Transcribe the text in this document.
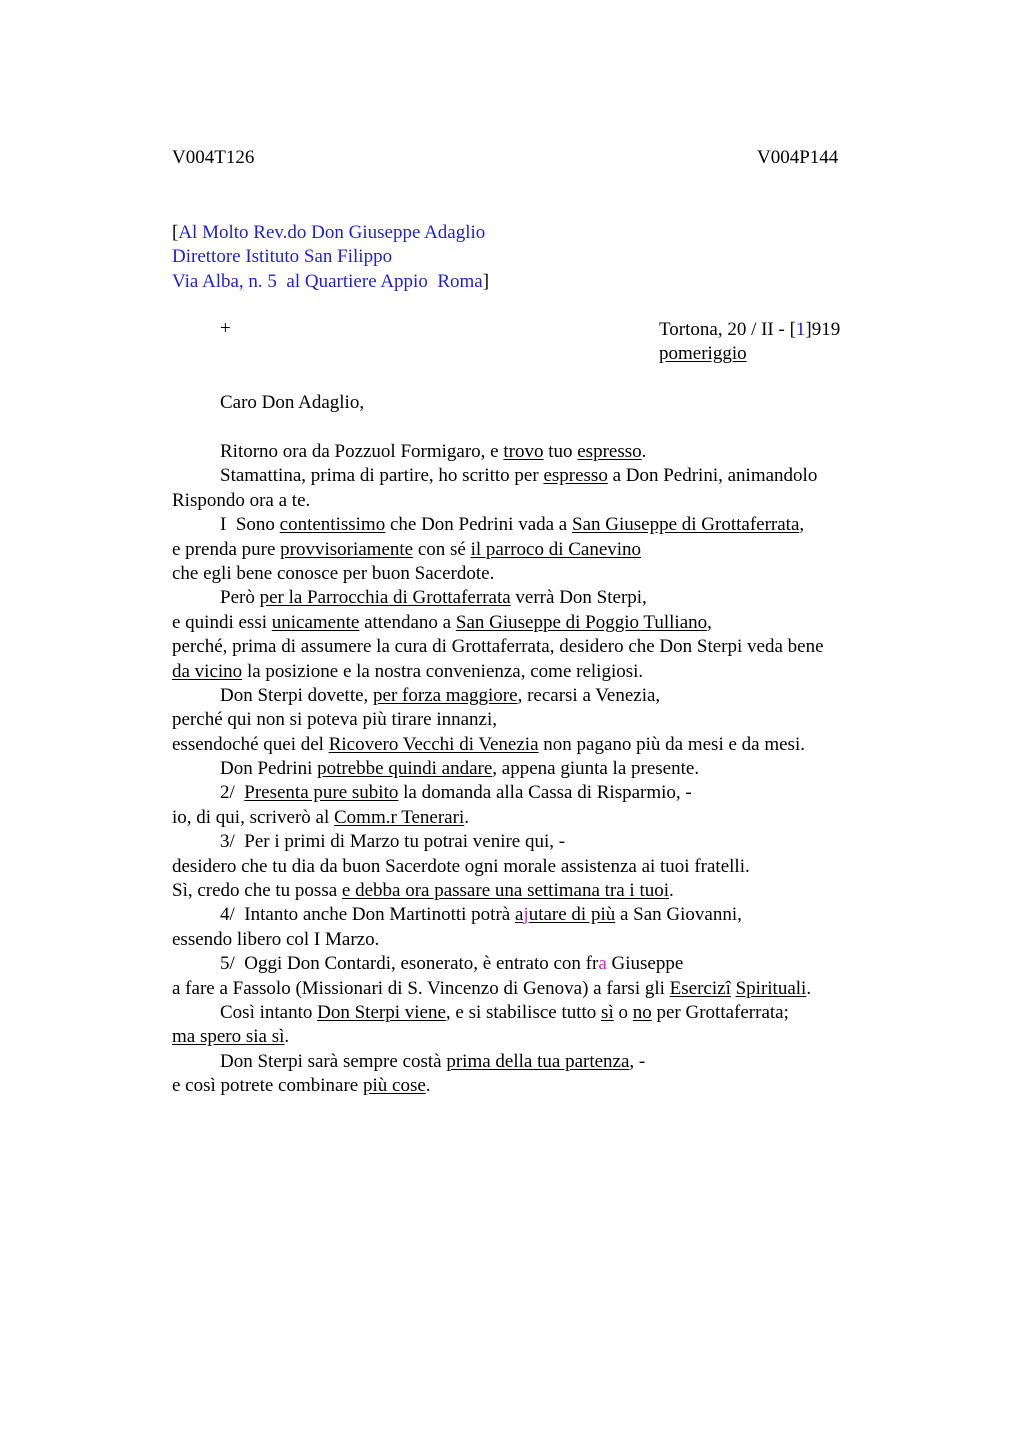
V004T126	V004P144
[Al Molto Rev.do Don Giuseppe Adaglio
Direttore Istituto San Filippo
Via Alba, n. 5  al Quartiere Appio  Roma]
+	Tortona, 20 / II - [1]919
pomeriggio
Caro Don Adaglio,
Ritorno ora da Pozzuol Formigaro, e trovo tuo espresso.
Stamattina, prima di partire, ho scritto per espresso a Don Pedrini, animandolo
Rispondo ora a te.
I  Sono contentissimo che Don Pedrini vada a San Giuseppe di Grottaferrata,
e prenda pure provvisoriamente con sé il parroco di Canevino
che egli bene conosce per buon Sacerdote.
Però per la Parrocchia di Grottaferrata verrà Don Sterpi,
e quindi essi unicamente attendano a San Giuseppe di Poggio Tulliano,
perché, prima di assumere la cura di Grottaferrata, desidero che Don Sterpi veda bene
da vicino la posizione e la nostra convenienza, come religiosi.
Don Sterpi dovette, per forza maggiore, recarsi a Venezia,
perché qui non si poteva più tirare innanzi,
essendoché quei del Ricovero Vecchi di Venezia non pagano più da mesi e da mesi.
Don Pedrini potrebbe quindi andare, appena giunta la presente.
2/  Presenta pure subito la domanda alla Cassa di Risparmio, -
io, di qui, scriverò al Comm.r Tenerari.
3/  Per i primi di Marzo tu potrai venire qui, -
desidero che tu dia da buon Sacerdote ogni morale assistenza ai tuoi fratelli.
Sì, credo che tu possa e debba ora passare una settimana tra i tuoi.
4/  Intanto anche Don Martinotti potrà ajutare di più a San Giovanni,
essendo libero col I Marzo.
5/  Oggi Don Contardi, esonerato, è entrato con fra Giuseppe
a fare a Fassolo (Missionari di S. Vincenzo di Genova) a farsi gli Esercizî Spirituali.
Così intanto Don Sterpi viene, e si stabilisce tutto sì o no per Grottaferrata;
ma spero sia sì.
Don Sterpi sarà sempre costà prima della tua partenza, -
e così potrete combinare più cose.
